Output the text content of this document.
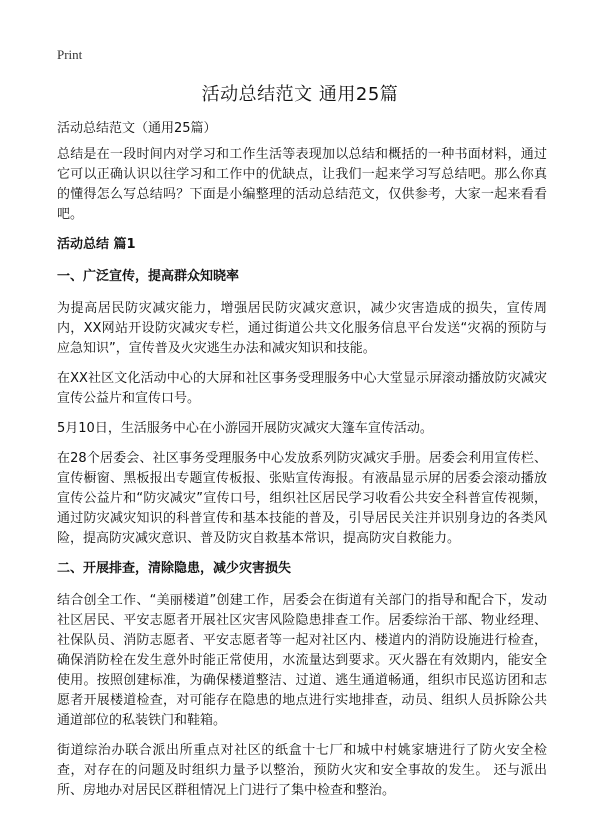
Print
活动总结范文 通用25篇

活动总结范文（通用25篇）

总结是在一段时间内对学习和工作生活等表现加以总结和概括的一种书面材料，通过它可以正确认识以往学习和工作中的优缺点，让我们一起来学习写总结吧。那么你真的懂得怎么写总结吗？下面是小编整理的活动总结范文，仅供参考，大家一起来看看吧。

活动总结 篇1
一、广泛宣传，提高群众知晓率

为提高居民防灾减灾能力，增强居民防灾减灾意识，减少灾害造成的损失，宣传周内，XX网站开设防灾减灾专栏，通过街道公共文化服务信息平台发送“灾祸的预防与应急知识”，宣传普及火灾逃生办法和减灾知识和技能。

在XX社区文化活动中心的大屏和社区事务受理服务中心大堂显示屏滚动播放防灾减灾宣传公益片和宣传口号。

5月10日，生活服务中心在小游园开展防灾减灾大篷车宣传活动。

在28个居委会、社区事务受理服务中心发放系列防灾减灾手册。居委会利用宣传栏、宣传橱窗、黑板报出专题宣传板报、张贴宣传海报。有液晶显示屏的居委会滚动播放宣传公益片和“防灾减灾”宣传口号，组织社区居民学习收看公共安全科普宣传视频，通过防灾减灾知识的科普宣传和基本技能的普及，引导居民关注并识别身边的各类风险，提高防灾减灾意识、普及防灾自救基本常识，提高防灾自救能力。

二、开展排查，清除隐患，减少灾害损失

结合创全工作、“美丽楼道”创建工作，居委会在街道有关部门的指导和配合下，发动社区居民、平安志愿者开展社区灾害风险隐患排查工作。居委综治干部、物业经理、社保队员、消防志愿者、平安志愿者等一起对社区内、楼道内的消防设施进行检查，确保消防栓在发生意外时能正常使用，水流量达到要求。灭火器在有效期内，能安全使用。按照创建标准，为确保楼道整洁、过道、逃生通道畅通，组织市民巡访团和志愿者开展楼道检查，对可能存在隐患的地点进行实地排查，动员、组织人员拆除公共通道部位的私装铁门和鞋箱。

街道综治办联合派出所重点对社区的纸盒十七厂和城中村姚家塘进行了防火安全检查，对存在的问题及时组织力量予以整治，预防火灾和安全事故的发生。 还与派出所、房地办对居民区群租情况上门进行了集中检查和整治。
